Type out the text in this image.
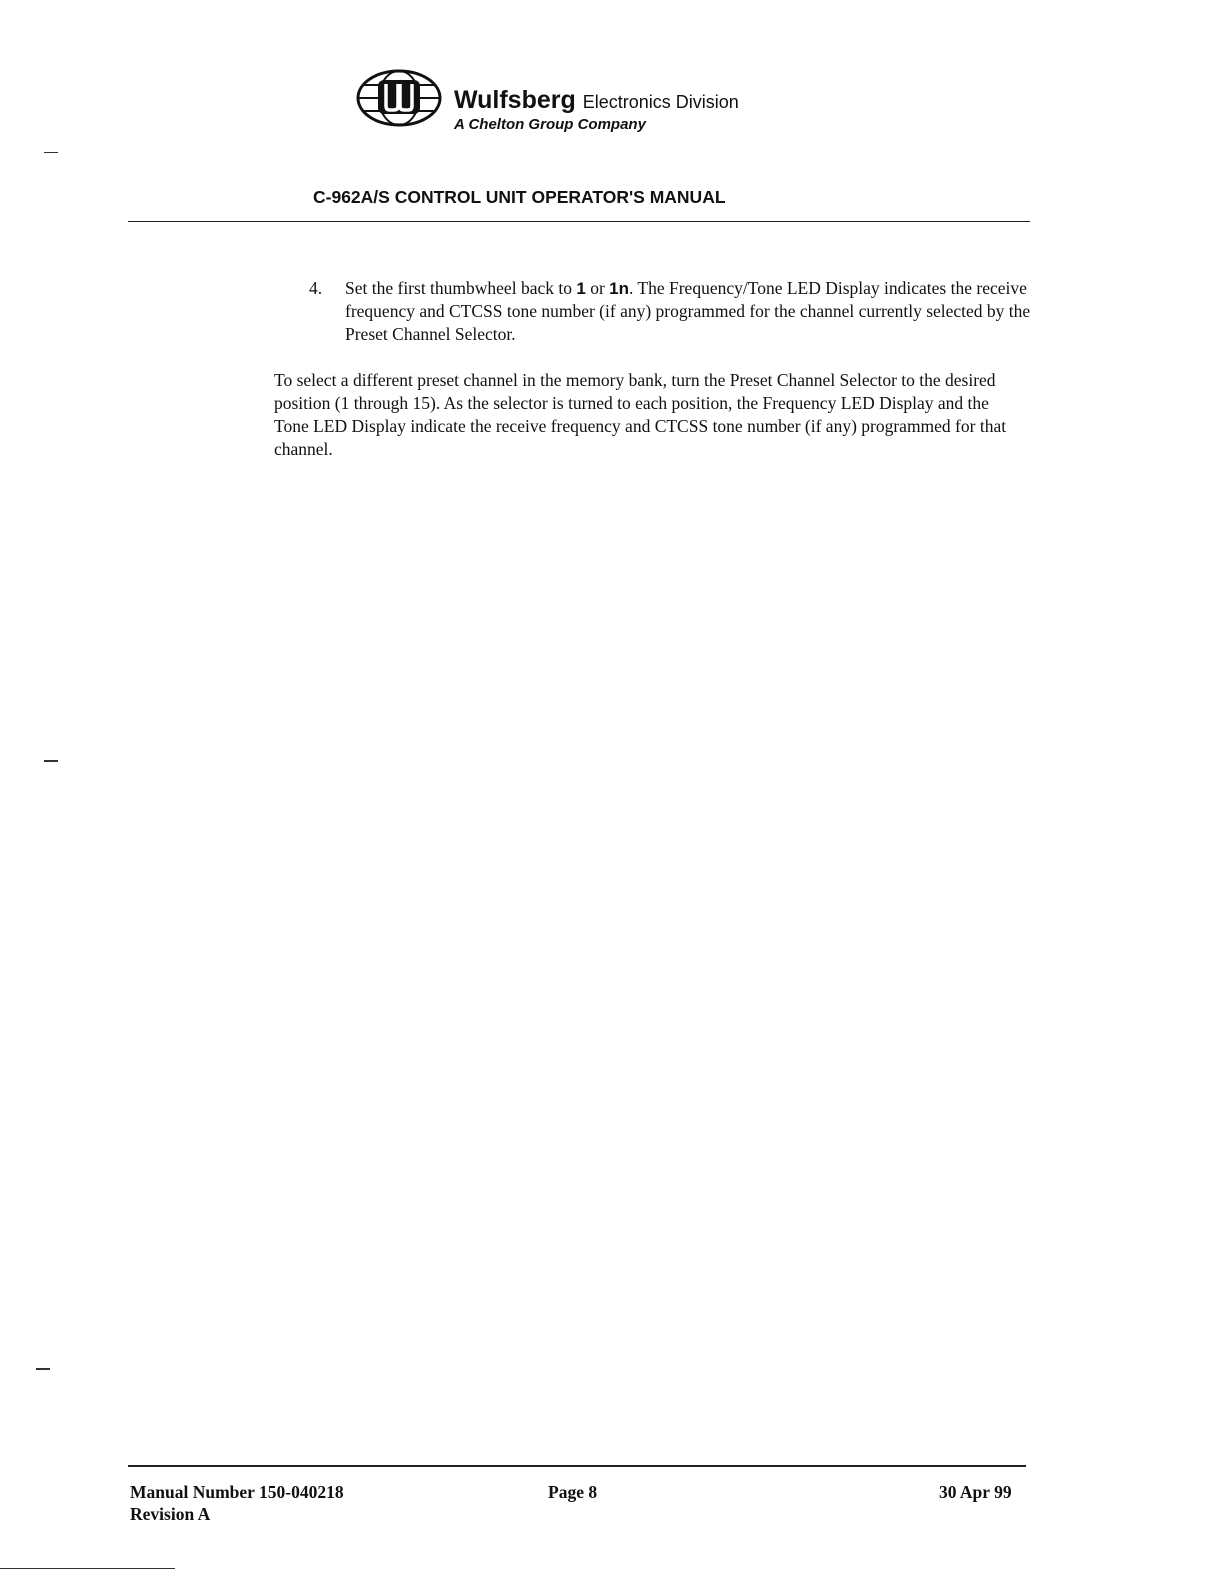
Wulfsberg Electronics Division
A Chelton Group Company
C-962A/S CONTROL UNIT OPERATOR'S MANUAL
4. Set the first thumbwheel back to 1 or 1n. The Frequency/Tone LED Display indicates the receive frequency and CTCSS tone number (if any) programmed for the channel currently selected by the Preset Channel Selector.
To select a different preset channel in the memory bank, turn the Preset Channel Selector to the desired position (1 through 15). As the selector is turned to each position, the Frequency LED Display and the Tone LED Display indicate the receive frequency and CTCSS tone number (if any) programmed for that channel.
Manual Number 150-040218
Revision A
Page 8	30 Apr 99
